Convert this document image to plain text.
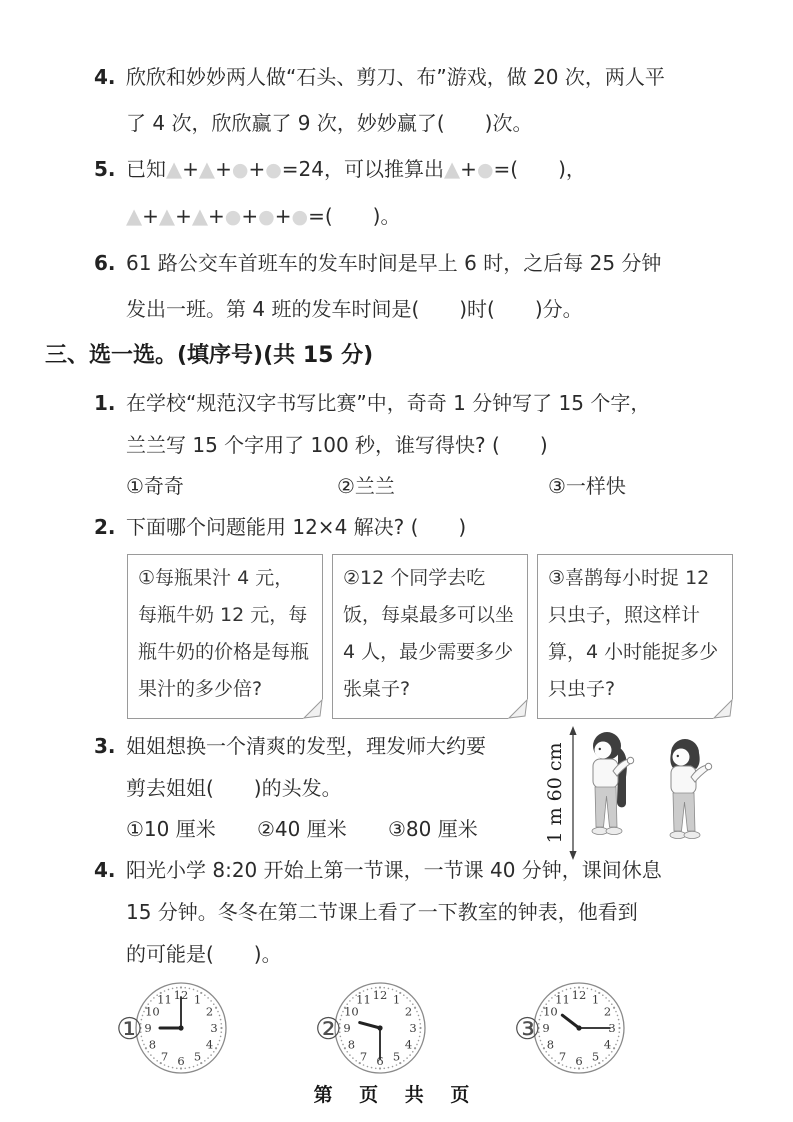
4. 欣欣和妙妙两人做“石头、剪刀、布”游戏，做 20 次，两人平
了 4 次，欣欣赢了 9 次，妙妙赢了(　　)次。
5. 已知▲+▲+●+●=24，可以推算出▲+●=(　　)，
▲+▲+▲+●+●+●=(　　)。
6. 61 路公交车首班车的发车时间是早上 6 时，之后每 25 分钟
发出一班。第 4 班的发车时间是(　　)时(　　)分。
三、选一选。(填序号)(共 15 分)
1. 在学校“规范汉字书写比赛”中，奇奇 1 分钟写了 15 个字，
兰兰写 15 个字用了 100 秒，谁写得快? (　　)
①奇奇	②兰兰	③一样快
2. 下面哪个问题能用 12×4 解决? (　　)
①每瓶果汁 4 元，每瓶牛奶 12 元，每瓶牛奶的价格是每瓶果汁的多少倍?
②12 个同学去吃饭，每桌最多可以坐 4 人，最少需要多少张桌子?
③喜鹊每小时捉 12 只虫子，照这样计算，4 小时能捉多少只虫子?
3. 姐姐想换一个清爽的发型，理发师大约要
剪去姐姐(　　)的头发。
①10 厘米	②40 厘米	③80 厘米	1 m 60 cm
4. 阳光小学 8:20 开始上第一节课，一节课 40 分钟，课间休息
15 分钟。冬冬在第二节课上看了一下教室的钟表，他看到
的可能是(　　)。
①
1
2
3
4
5
6
7
8
9
10
11 12
②
1
2
3
4
5
6
7
8
9
10
11 12
③
1
2
3
4
5
6
7
8
9
10
11 12
第 页 共 页
